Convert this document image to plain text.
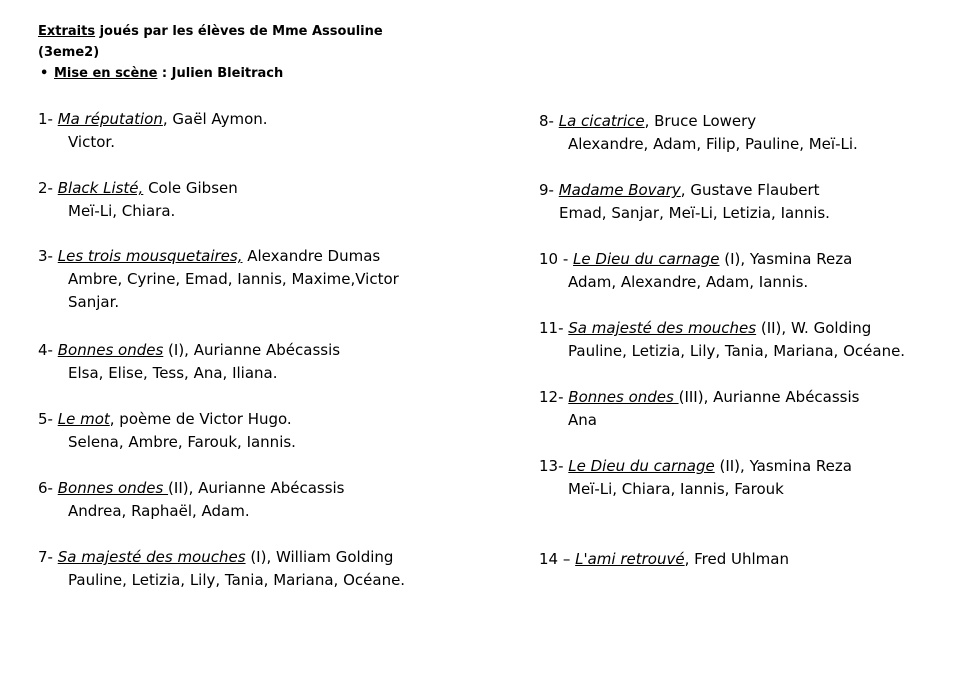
Extraits joués par les élèves de Mme Assouline
(3eme2)
• Mise en scène : Julien Bleitrach
1- Ma réputation, Gaël Aymon.
Victor.
2- Black Listé, Cole Gibsen
Meï-Li, Chiara.
3- Les trois mousquetaires, Alexandre Dumas
Ambre, Cyrine, Emad, Iannis, Maxime,Victor
Sanjar.
4- Bonnes ondes (I), Aurianne Abécassis
Elsa, Elise, Tess, Ana, Iliana.
5- Le mot, poème de Victor Hugo.
Selena, Ambre, Farouk, Iannis.
6- Bonnes ondes (II), Aurianne Abécassis
Andrea, Raphaël, Adam.
7- Sa majesté des mouches (I), William Golding
Pauline, Letizia, Lily, Tania, Mariana, Océane.
8- La cicatrice, Bruce Lowery
Alexandre, Adam, Filip, Pauline, Meï-Li.
9- Madame Bovary, Gustave Flaubert
Emad, Sanjar, Meï-Li, Letizia, Iannis.
10 - Le Dieu du carnage (I), Yasmina Reza
Adam, Alexandre, Adam, Iannis.
11- Sa majesté des mouches (II), W. Golding
Pauline, Letizia, Lily, Tania, Mariana, Océane.
12- Bonnes ondes (III), Aurianne Abécassis
Ana
13- Le Dieu du carnage (II), Yasmina Reza
Meï-Li, Chiara, Iannis, Farouk
14 – L'ami retrouvé, Fred Uhlman
